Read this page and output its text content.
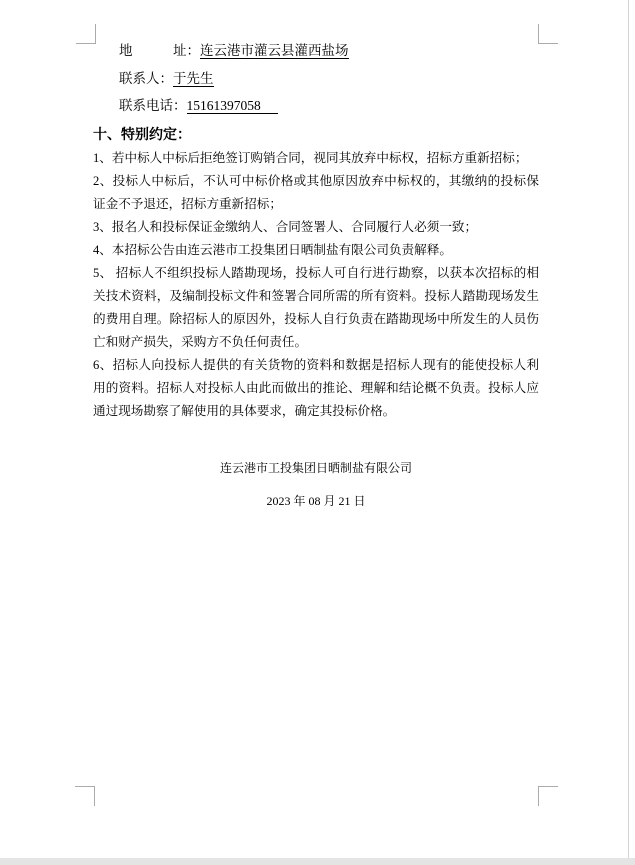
地　　　址：连云港市灌云县灌西盐场
联系人：于先生
联系电话：15161397058

十、特别约定：

1、若中标人中标后拒绝签订购销合同，视同其放弃中标权，招标方重新招标；

2、投标人中标后，不认可中标价格或其他原因放弃中标权的，其缴纳的投标保证金不予退还，招标方重新招标；

3、报名人和投标保证金缴纳人、合同签署人、合同履行人必须一致；

4、本招标公告由连云港市工投集团日晒制盐有限公司负责解释。

5、 招标人不组织投标人踏勘现场，投标人可自行进行勘察，以获本次招标的相关技术资料，及编制投标文件和签署合同所需的所有资料。投标人踏勘现场发生的费用自理。除招标人的原因外，投标人自行负责在踏勘现场中所发生的人员伤亡和财产损失，采购方不负任何责任。

6、招标人向投标人提供的有关货物的资料和数据是招标人现有的能使投标人利用的资料。招标人对投标人由此而做出的推论、理解和结论概不负责。投标人应通过现场勘察了解使用的具体要求，确定其投标价格。

连云港市工投集团日晒制盐有限公司
2023 年 08 月 21 日
